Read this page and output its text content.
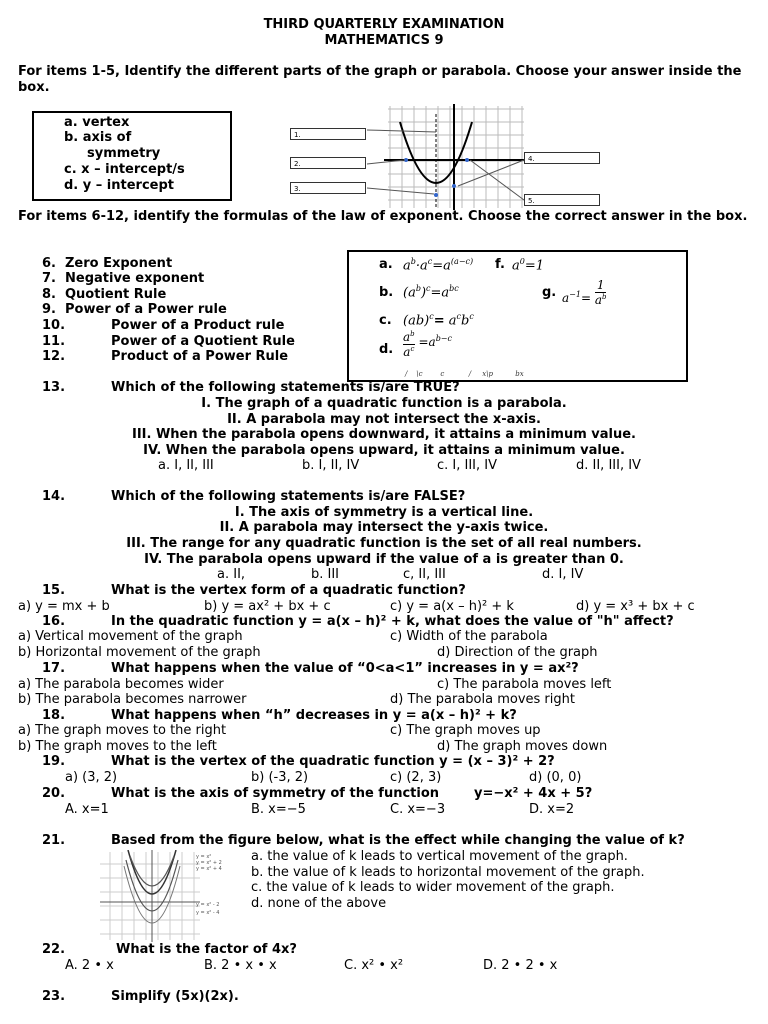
THIRD QUARTERLY EXAMINATION
MATHEMATICS 9
For items 1-5, Identify the different parts of the graph or parabola. Choose your answer inside the box.
a. vertex
b. axis of
symmetry
c. x – intercept/s
d. y – intercept
1.
2.
3.
4.
5.
For items 6-12, identify the formulas of the law of exponent. Choose the correct answer in the box.
6. Zero Exponent
7. Negative exponent
8. Quotient Rule
9. Power of a Power rule
10.	Power of a Product rule
11.	Power of a Quotient Rule
12.	Product of a Power Rule
a. $a^b\cdot a^c=a^{(a-c)}$ f. $a^0=1$
b. $(a^b)^c=a^{bc}$	g. $a^{-1}= \frac{1}{a^b}$
c. $(ab)^c= a^cb^c$
d. $\frac{a^b}{a^c} =a^{b-c}$
/    \c        c           /     x\p          bx
13.	Which of the following statements is/are TRUE?
I. The graph of a quadratic function is a parabola.
II. A parabola may not intersect the x-axis.
III. When the parabola opens downward, it attains a minimum value.
IV. When the parabola opens upward, it attains a minimum value.
a. I, II, III	b. I, II, IV	c. I, III, IV	d. II, III, IV
14.	Which of the following statements is/are FALSE?
I. The axis of symmetry is a vertical line.
II. A parabola may intersect the y-axis twice.
III. The range for any quadratic function is the set of all real numbers.
IV. The parabola opens upward if the value of a is greater than 0.
a. II,	b. III	c, II, III	d. I, IV
15.	What is the vertex form of a quadratic function?
a) y = mx + b	b) y = ax² + bx + c	c) y = a(x – h)² + k	d) y = x³ + bx + c
16.	In the quadratic function y = a(x – h)² + k, what does the value of "h" affect?
a) Vertical movement of the graph	c) Width of the parabola
b) Horizontal movement of the graph	d) Direction of the graph
17.	What happens when the value of “0<a<1” increases in y = ax²?
a) The parabola becomes wider	c) The parabola moves left
b) The parabola becomes narrower	d) The parabola moves right
18.	What happens when “h” decreases in y = a(x – h)² + k?
a) The graph moves to the right	c) The graph moves up
b) The graph moves to the left	d) The graph moves down
19.	What is the vertex of the quadratic function y = (x – 3)² + 2?
a) (3, 2)	b) (-3, 2)	c) (2, 3)	d) (0, 0)
20.	What is the axis of symmetry of the function	y=−x² + 4x + 5?
A. x=1	B. x=−5	C. x=−3	D. x=2
21.	Based from the figure below, what is the effect while changing the value of k?
y = x²
y = x² + 2
y = x² + 4
y = x² - 2
y = x² - 4
a. the value of k leads to vertical movement of the graph.
b. the value of k leads to horizontal movement of the graph.
c. the value of k leads to wider movement of the graph.
d. none of the above
22.	What is the factor of 4x?
A. 2 • x	B. 2 • x • x	C. x² • x²	D. 2 • 2 • x
23.	Simplify (5x)(2x).
